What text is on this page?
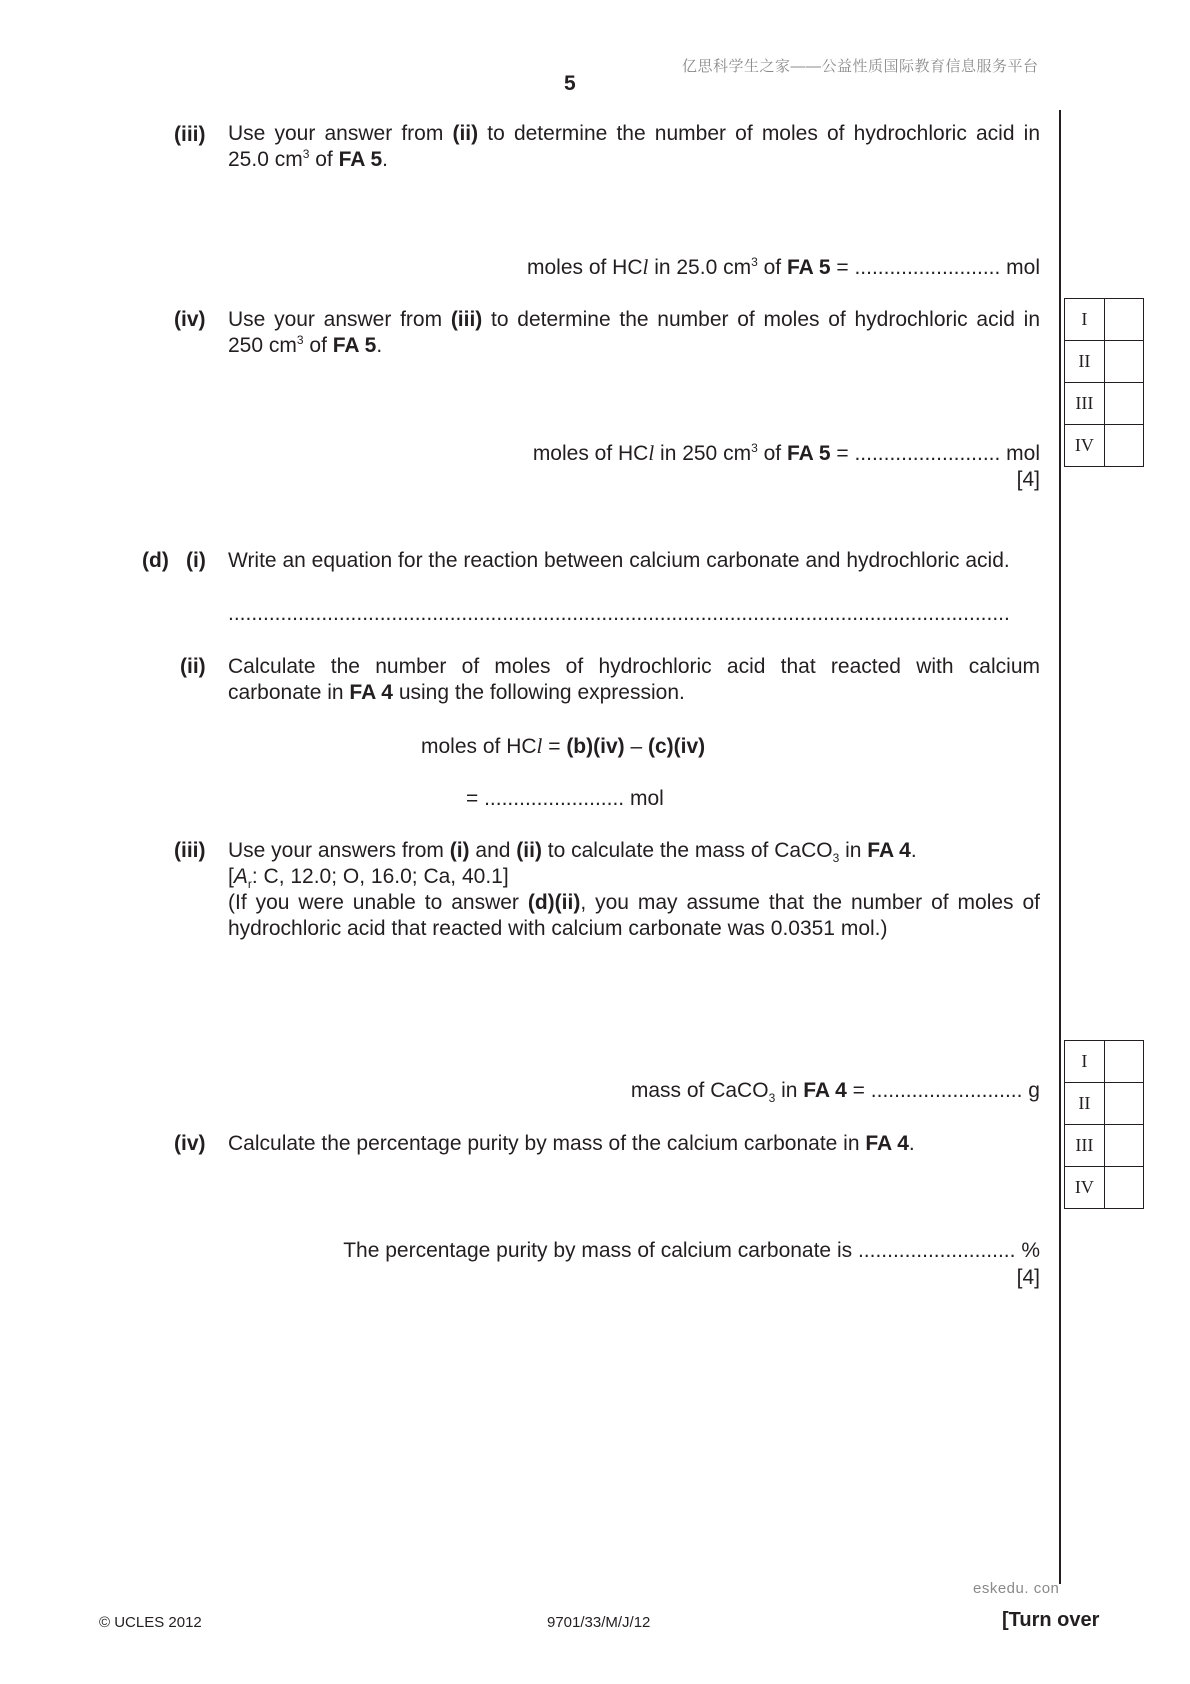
亿思科学生之家——公益性质国际教育信息服务平台
5
(iii) Use your answer from (ii) to determine the number of moles of hydrochloric acid in
25.0 $cm^3$ of FA 5.
moles of HCl in 25.0 $cm^3$ of FA 5 = ......................... mol
(iv) Use your answer from (iii) to determine the number of moles of hydrochloric acid in
250 $cm^3$ of FA 5.
moles of HCl in 250 $cm^3$ of FA 5 = ......................... mol
[4]
I	
II	
III	
IV	
(d) (i) Write an equation for the reaction between calcium carbonate and hydrochloric acid.
......................................................................................................................................
(ii) Calculate the number of moles of hydrochloric acid that reacted with calcium
carbonate in FA 4 using the following expression.
moles of HCl = (b)(iv) – (c)(iv)
= ........................ mol
(iii) Use your answers from (i) and (ii) to calculate the mass of CaCO$_3$ in FA 4.
[$A_r$: C, 12.0; O, 16.0; Ca, 40.1]
(If you were unable to answer (d)(ii), you may assume that the number of moles of
hydrochloric acid that reacted with calcium carbonate was 0.0351 mol.)
mass of CaCO$_3$ in FA 4 = .......................... g
(iv) Calculate the percentage purity by mass of the calcium carbonate in FA 4.
The percentage purity by mass of calcium carbonate is ........................... %
[4]
I	
II	
III	
IV	
eskedu. con
© UCLES 2012	9701/33/M/J/12	[Turn over
